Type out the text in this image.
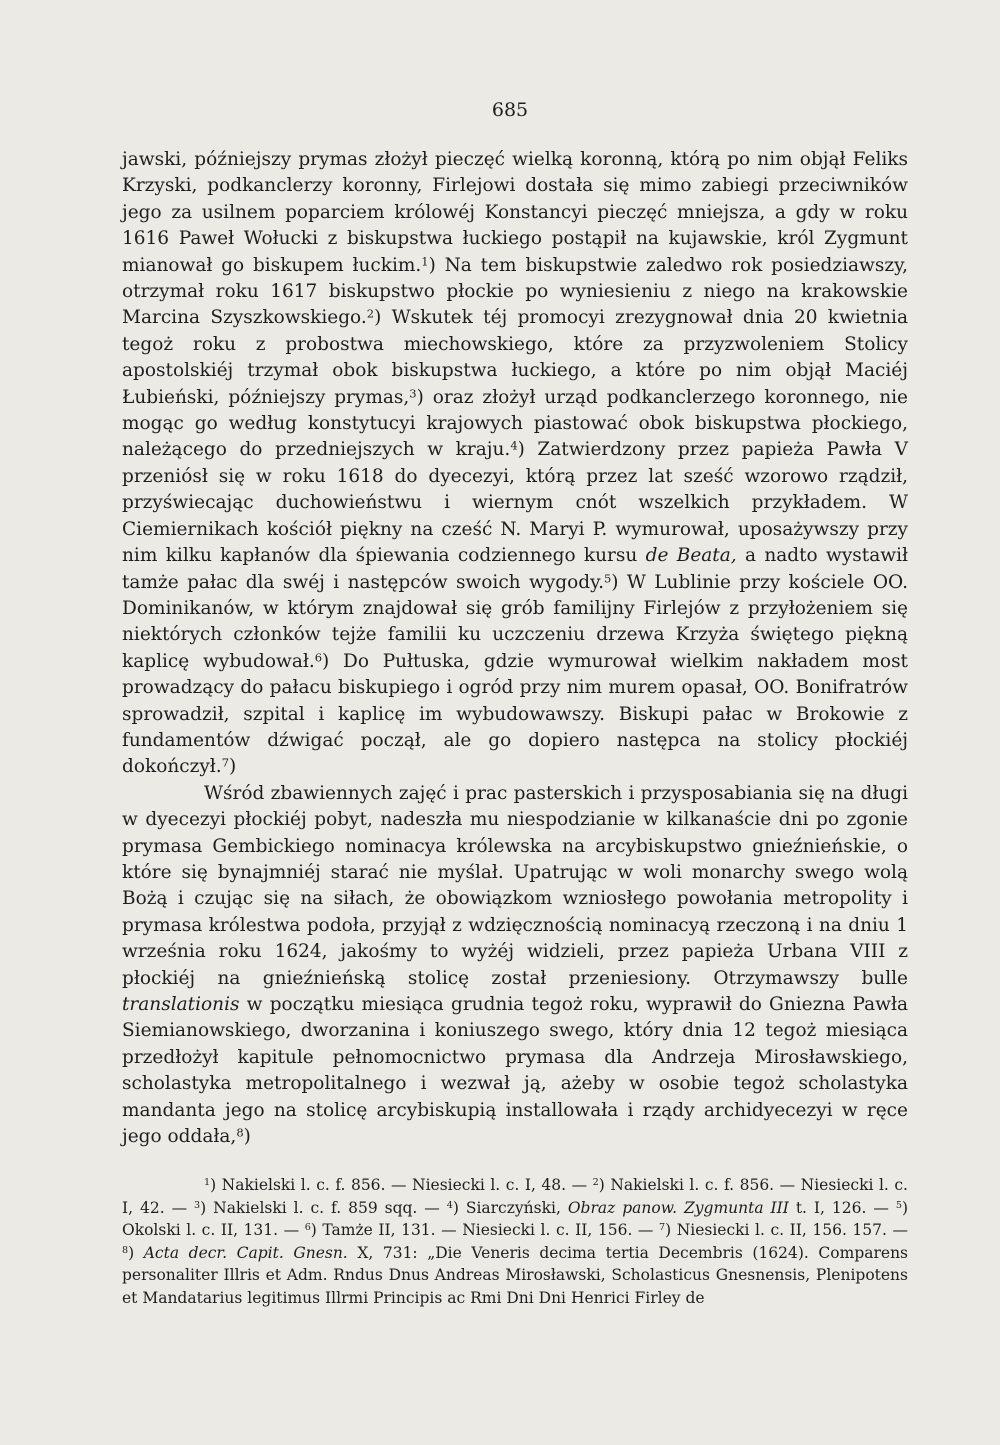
685

jawski, późniejszy prymas złożył pieczęć wielką koronną, którą po nim objął Feliks Krzyski, podkanclerzy koronny, Firlejowi dostała się mimo zabiegi przeciwników jego za usilnem poparciem królowéj Konstancyi pieczęć mniejsza, a gdy w roku 1616 Paweł Wołucki z biskupstwa łuckiego postąpił na kujawskie, król Zygmunt mianował go biskupem łuckim.$^1$) Na tem biskupstwie zaledwo rok posiedziawszy, otrzymał roku 1617 biskupstwo płockie po wyniesieniu z niego na krakowskie Marcina Szyszkowskiego.$^2$) Wskutek téj promocyi zrezygnował dnia 20 kwietnia tegoż roku z probostwa miechowskiego, które za przyzwoleniem Stolicy apostolskiéj trzymał obok biskupstwa łuckiego, a które po nim objął Maciéj Łubieński, późniejszy prymas,$^3$) oraz złożył urząd podkanclerzego koronnego, nie mogąc go według konstytucyi krajowych piastować obok biskupstwa płockiego, należącego do przedniejszych w kraju.$^4$) Zatwierdzony przez papieża Pawła V przeniósł się w roku 1618 do dyecezyi, którą przez lat sześć wzorowo rządził, przyświecając duchowieństwu i wiernym cnót wszelkich przykładem. W Ciemiernikach kościół piękny na cześć N. Maryi P. wymurował, uposażywszy przy nim kilku kapłanów dla śpiewania codziennego kursu de Beata, a nadto wystawił tamże pałac dla swéj i następców swoich wygody.$^5$) W Lublinie przy kościele OO. Dominikanów, w którym znajdował się grób familijny Firlejów z przyłożeniem się niektórych członków tejże familii ku uczczeniu drzewa Krzyża świętego piękną kaplicę wybudował.$^6$) Do Pułtuska, gdzie wymurował wielkim nakładem most prowadzący do pałacu biskupiego i ogród przy nim murem opasał, OO. Bonifratrów sprowadził, szpital i kaplicę im wybudowawszy. Biskupi pałac w Brokowie z fundamentów dźwigać począł, ale go dopiero następca na stolicy płockiéj dokończył.$^7$)

Wśród zbawiennych zajęć i prac pasterskich i przysposabiania się na długi w dyecezyi płockiéj pobyt, nadeszła mu niespodzianie w kilkanaście dni po zgonie prymasa Gembickiego nominacya królewska na arcybiskupstwo gnieźnieńskie, o które się bynajmniéj starać nie myślał. Upatrując w woli monarchy swego wolą Bożą i czując się na siłach, że obowiązkom wzniosłego powołania metropolity i prymasa królestwa podoła, przyjął z wdzięcznością nominacyą rzeczoną i na dniu 1 września roku 1624, jakośmy to wyżéj widzieli, przez papieża Urbana VIII z płockiéj na gnieźnieńską stolicę został przeniesiony. Otrzymawszy bulle translationis w początku miesiąca grudnia tegoż roku, wyprawił do Gniezna Pawła Siemianowskiego, dworzanina i koniuszego swego, który dnia 12 tegoż miesiąca przedłożył kapitule pełnomocnictwo prymasa dla Andrzeja Mirosławskiego, scholastyka metropolitalnego i wezwał ją, ażeby w osobie tegoż scholastyka mandanta jego na stolicę arcybiskupią installowała i rządy archidyecezyi w ręce jego oddała,$^8$)

$^1$) Nakielski l. c. f. 856. — Niesiecki l. c. I, 48. — $^2$) Nakielski l. c. f. 856. — Niesiecki l. c. I, 42. — $^3$) Nakielski l. c. f. 859 sqq. — $^4$) Siarczyński, Obraz panow. Zygmunta III t. I, 126. — $^5$) Okolski l. c. II, 131. — $^6$) Tamże II, 131. — Niesiecki l. c. II, 156. — $^7$) Niesiecki l. c. II, 156. 157. — $^8$) Acta decr. Capit. Gnesn. X, 731: „Die Veneris decima tertia Decembris (1624). Comparens personaliter Illris et Adm. Rndus Dnus Andreas Mirosławski, Scholasticus Gnesnensis, Plenipotens et Mandatarius legitimus Illrmi Principis ac Rmi Dni Dni Henrici Firley de
